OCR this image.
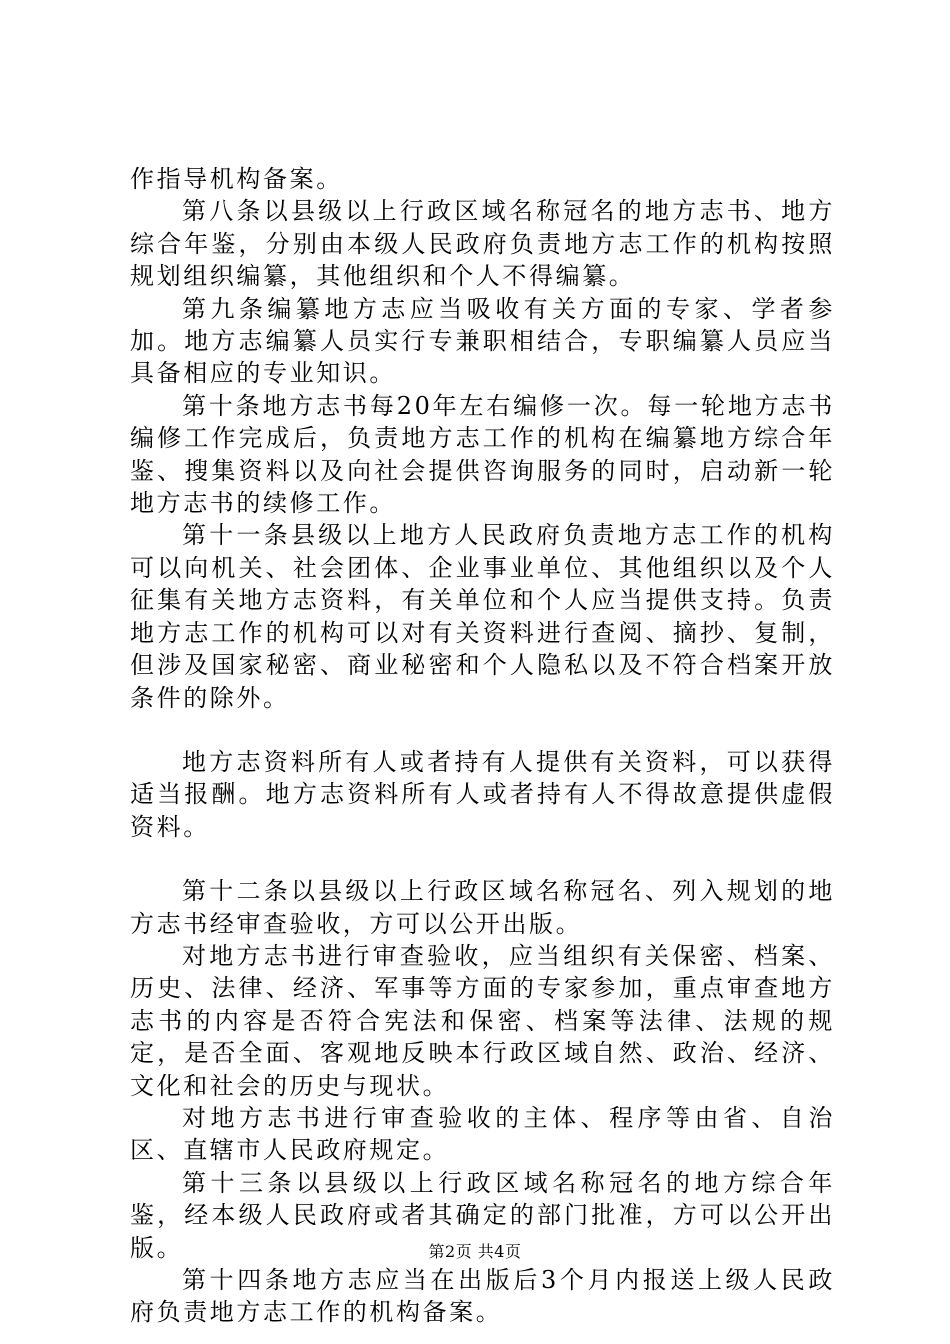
作指导机构备案。

第八条以县级以上行政区域名称冠名的地方志书、地方综合年鉴，分别由本级人民政府负责地方志工作的机构按照规划组织编纂，其他组织和个人不得编纂。

第九条编纂地方志应当吸收有关方面的专家、学者参加。地方志编纂人员实行专兼职相结合，专职编纂人员应当具备相应的专业知识。

第十条地方志书每20年左右编修一次。每一轮地方志书编修工作完成后，负责地方志工作的机构在编纂地方综合年鉴、搜集资料以及向社会提供咨询服务的同时，启动新一轮地方志书的续修工作。

第十一条县级以上地方人民政府负责地方志工作的机构可以向机关、社会团体、企业事业单位、其他组织以及个人征集有关地方志资料，有关单位和个人应当提供支持。负责地方志工作的机构可以对有关资料进行查阅、摘抄、复制，但涉及国家秘密、商业秘密和个人隐私以及不符合档案开放条件的除外。

地方志资料所有人或者持有人提供有关资料，可以获得适当报酬。地方志资料所有人或者持有人不得故意提供虚假资料。

第十二条以县级以上行政区域名称冠名、列入规划的地方志书经审查验收，方可以公开出版。

对地方志书进行审查验收，应当组织有关保密、档案、历史、法律、经济、军事等方面的专家参加，重点审查地方志书的内容是否符合宪法和保密、档案等法律、法规的规定，是否全面、客观地反映本行政区域自然、政治、经济、文化和社会的历史与现状。

对地方志书进行审查验收的主体、程序等由省、自治区、直辖市人民政府规定。

第十三条以县级以上行政区域名称冠名的地方综合年鉴，经本级人民政府或者其确定的部门批准，方可以公开出版。

第十四条地方志应当在出版后3个月内报送上级人民政府负责地方志工作的机构备案。

第2页 共4页
